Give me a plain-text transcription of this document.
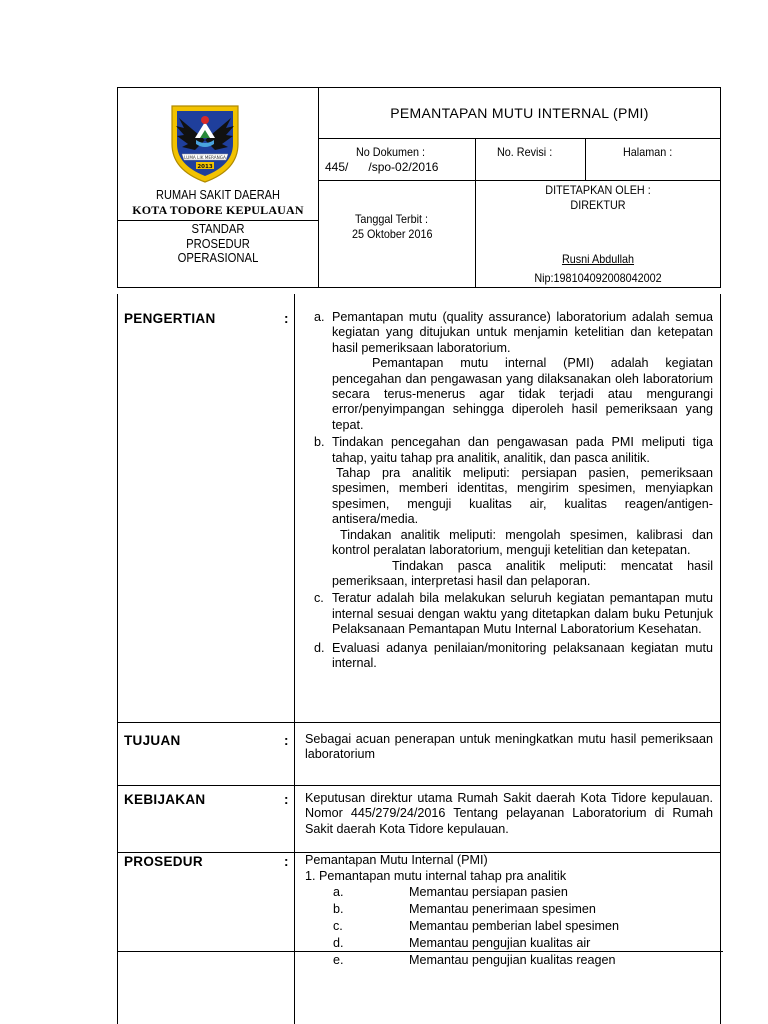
LUMA LIK MERANGA
2013
RUMAH SAKIT DAERAH
KOTA TODORE KEPULAUAN
STANDAR
PROSEDUR
OPERASIONAL
PEMANTAPAN MUTU INTERNAL (PMI)
No Dokumen :
445/      /spo-02/2016
No. Revisi :	Halaman :
Tanggal Terbit :
25 Oktober 2016
DITETAPKAN OLEH :
DIREKTUR
Rusni Abdullah
Nip:198104092008042002
PENGERTIAN	: a. Pemantapan mutu (quality assurance) laboratorium adalah semua kegiatan yang ditujukan untuk menjamin ketelitian dan ketepatan hasil pemeriksaan laboratorium.
Pemantapan mutu internal (PMI) adalah kegiatan pencegahan dan pengawasan yang dilaksanakan oleh laboratorium secara terus-menerus agar tidak terjadi atau mengurangi error/penyimpangan sehingga diperoleh hasil pemeriksaan yang tepat.
b. Tindakan pencegahan dan pengawasan pada PMI meliputi tiga tahap, yaitu tahap pra analitik, analitik, dan pasca anilitik.
Tahap pra analitik meliputi: persiapan pasien, pemeriksaan spesimen, memberi identitas, mengirim spesimen, menyiapkan spesimen, menguji kualitas air, kualitas reagen/antigen-antisera/media.
Tindakan analitik meliputi: mengolah spesimen, kalibrasi dan kontrol peralatan laboratorium, menguji ketelitian dan ketepatan.
Tindakan pasca analitik meliputi: mencatat hasil pemeriksaan, interpretasi hasil dan pelaporan.
c. Teratur adalah bila melakukan seluruh kegiatan pemantapan mutu internal sesuai dengan waktu yang ditetapkan dalam buku Petunjuk Pelaksanaan Pemantapan Mutu Internal Laboratorium Kesehatan.
d. Evaluasi adanya penilaian/monitoring pelaksanaan kegiatan mutu internal.
TUJUAN	: Sebagai acuan penerapan untuk meningkatkan mutu hasil pemeriksaan laboratorium
KEBIJAKAN	: Keputusan direktur utama Rumah Sakit daerah Kota Tidore kepulauan. Nomor 445/279/24/2016 Tentang pelayanan Laboratorium di Rumah Sakit daerah Kota Tidore kepulauan.
PROSEDUR	: Pemantapan Mutu Internal (PMI)
1. Pemantapan mutu internal tahap pra analitik
a.	Memantau persiapan pasien
b.	Memantau penerimaan spesimen
c.	Memantau pemberian label spesimen
d.	Memantau pengujian kualitas air
e.	Memantau pengujian kualitas reagen
